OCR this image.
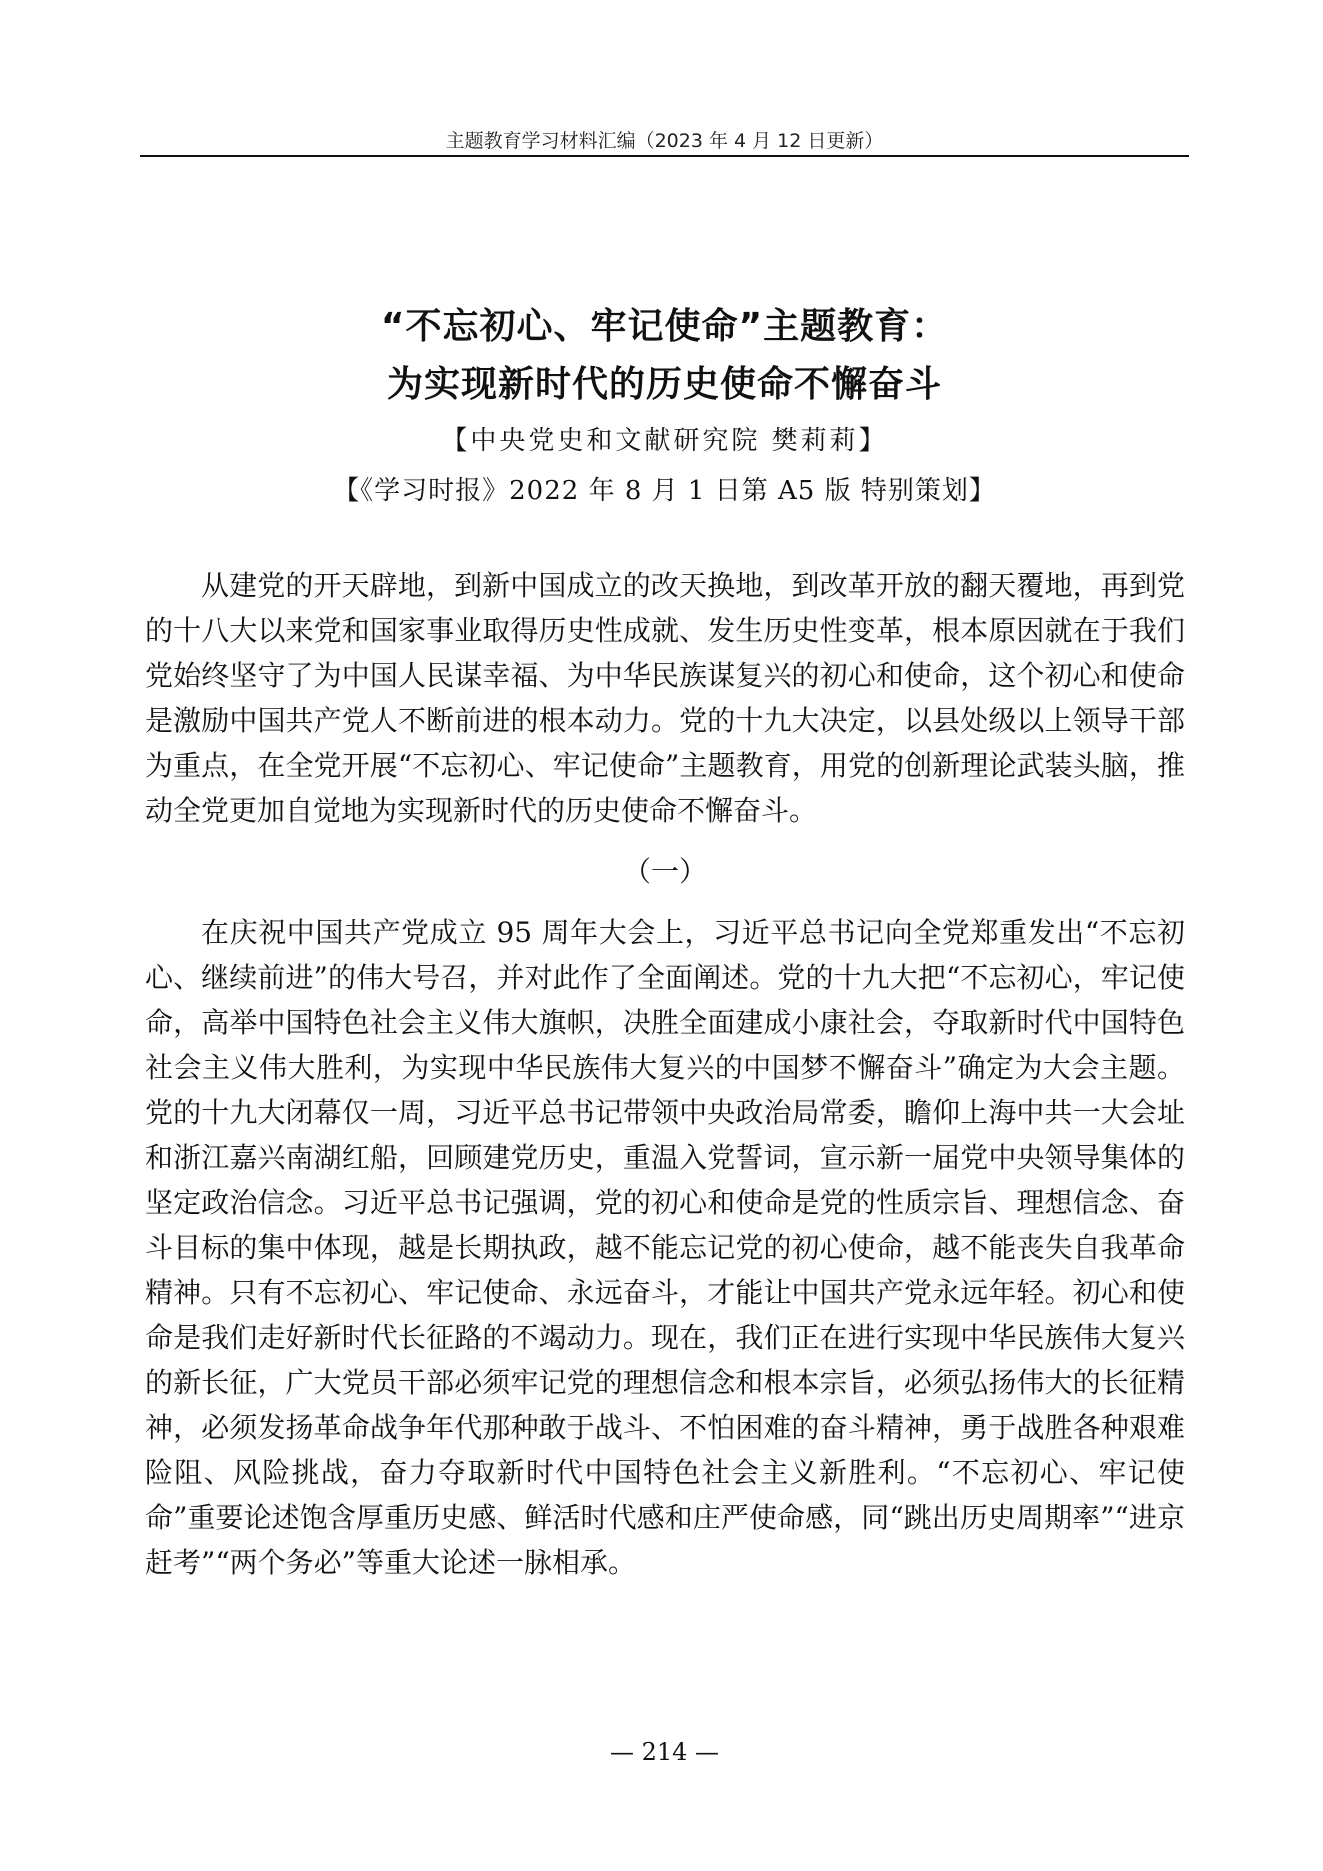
主题教育学习材料汇编（2023 年 4 月 12 日更新）
“不忘初心、牢记使命”主题教育：
为实现新时代的历史使命不懈奋斗
【中央党史和文献研究院 樊莉莉】
【《学习时报》2022 年 8 月 1 日第 A5 版 特别策划】

从建党的开天辟地，到新中国成立的改天换地，到改革开放的翻天覆地，再到党的十八大以来党和国家事业取得历史性成就、发生历史性变革，根本原因就在于我们党始终坚守了为中国人民谋幸福、为中华民族谋复兴的初心和使命，这个初心和使命是激励中国共产党人不断前进的根本动力。党的十九大决定，以县处级以上领导干部为重点，在全党开展“不忘初心、牢记使命”主题教育，用党的创新理论武装头脑，推动全党更加自觉地为实现新时代的历史使命不懈奋斗。

（一）

在庆祝中国共产党成立 95 周年大会上，习近平总书记向全党郑重发出“不忘初心、继续前进”的伟大号召，并对此作了全面阐述。党的十九大把“不忘初心，牢记使命，高举中国特色社会主义伟大旗帜，决胜全面建成小康社会，夺取新时代中国特色社会主义伟大胜利，为实现中华民族伟大复兴的中国梦不懈奋斗”确定为大会主题。党的十九大闭幕仅一周，习近平总书记带领中央政治局常委，瞻仰上海中共一大会址和浙江嘉兴南湖红船，回顾建党历史，重温入党誓词，宣示新一届党中央领导集体的坚定政治信念。习近平总书记强调，党的初心和使命是党的性质宗旨、理想信念、奋斗目标的集中体现，越是长期执政，越不能忘记党的初心使命，越不能丧失自我革命精神。只有不忘初心、牢记使命、永远奋斗，才能让中国共产党永远年轻。初心和使命是我们走好新时代长征路的不竭动力。现在，我们正在进行实现中华民族伟大复兴的新长征，广大党员干部必须牢记党的理想信念和根本宗旨，必须弘扬伟大的长征精神，必须发扬革命战争年代那种敢于战斗、不怕困难的奋斗精神，勇于战胜各种艰难险阻、风险挑战，奋力夺取新时代中国特色社会主义新胜利。“不忘初心、牢记使命”重要论述饱含厚重历史感、鲜活时代感和庄严使命感，同“跳出历史周期率”“进京赶考”“两个务必”等重大论述一脉相承。

— 214 —
